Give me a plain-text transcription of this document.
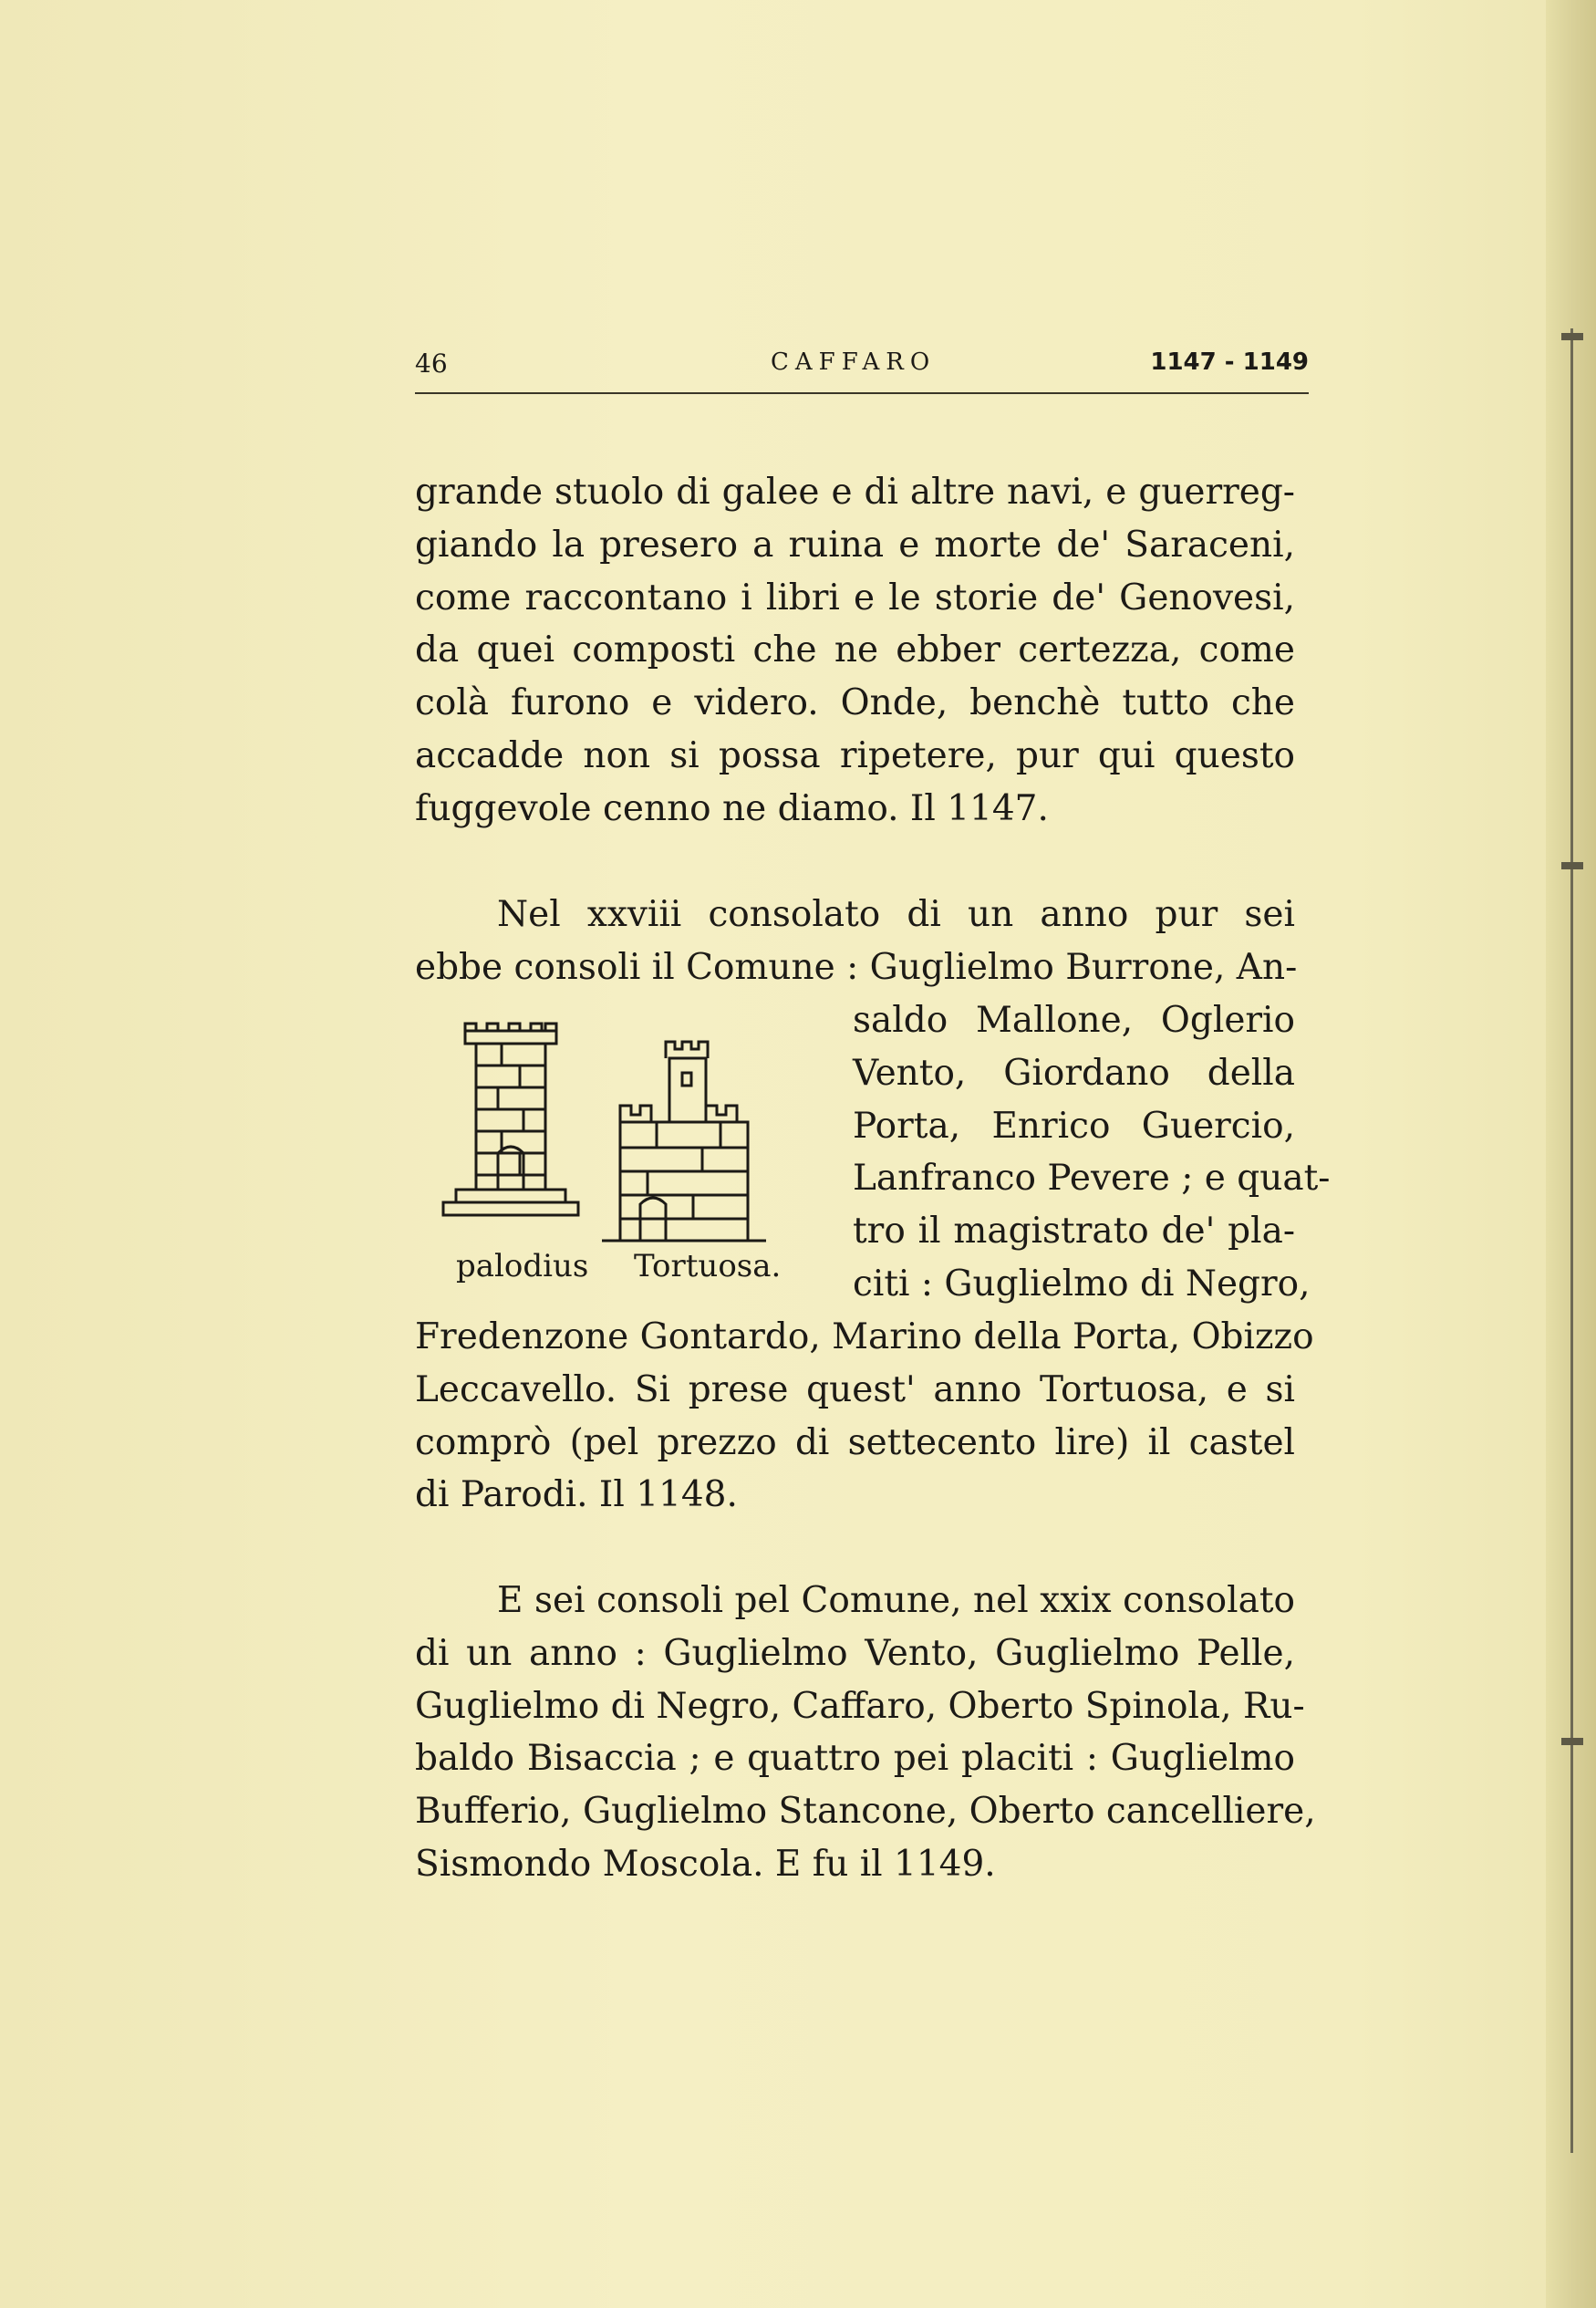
46	CAFFARO	1147 - 1149
grande stuolo di galee e di altre navi, e guerreg-
giando la presero a ruina e morte de' Saraceni,
come raccontano i libri e le storie de' Genovesi,
da quei composti che ne ebber certezza, come
colà furono e videro. Onde, benchè tutto che
accadde non si possa ripetere, pur qui questo
fuggevole cenno ne diamo. Il 1147.
Nel xxviii consolato di un anno pur sei
ebbe consoli il Comune : Guglielmo Burrone, An-
saldo Mallone, Oglerio
Vento, Giordano della
Porta, Enrico Guercio,
Lanfranco Pevere ; e quat-
tro il magistrato de' pla-
citi : Guglielmo di Negro,
palodius Tortuosa.
Fredenzone Gontardo, Marino della Porta, Obizzo
Leccavello. Si prese quest' anno Tortuosa, e si
comprò (pel prezzo di settecento lire) il castel
di Parodi. Il 1148.
E sei consoli pel Comune, nel xxix consolato
di un anno : Guglielmo Vento, Guglielmo Pelle,
Guglielmo di Negro, Caffaro, Oberto Spinola, Ru-
baldo Bisaccia ; e quattro pei placiti : Guglielmo
Bufferio, Guglielmo Stancone, Oberto cancelliere,
Sismondo Moscola. E fu il 1149.
